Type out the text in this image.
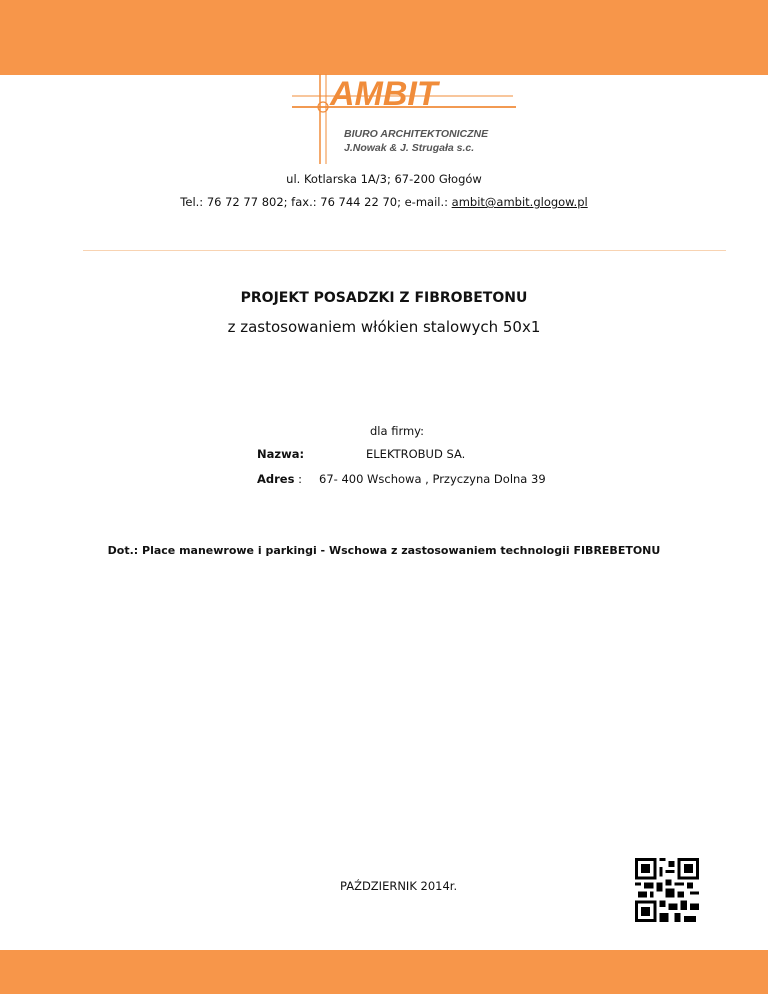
AMBIT
BIURO ARCHITEKTONICZNE
J.Nowak & J. Strugała s.c.
ul. Kotlarska 1A/3; 67-200 Głogów
Tel.: 76 72 77 802; fax.: 76 744 22 70; e-mail.: ambit@ambit.glogow.pl
PROJEKT POSADZKI Z FIBROBETONU
z zastosowaniem włókien stalowych 50x1
dla firmy:
Nazwa:	ELEKTROBUD SA.
Adres : 67- 400 Wschowa , Przyczyna Dolna 39
Dot.: Place manewrowe i parkingi - Wschowa z zastosowaniem technologii FIBREBETONU
PAŹDZIERNIK 2014r.
